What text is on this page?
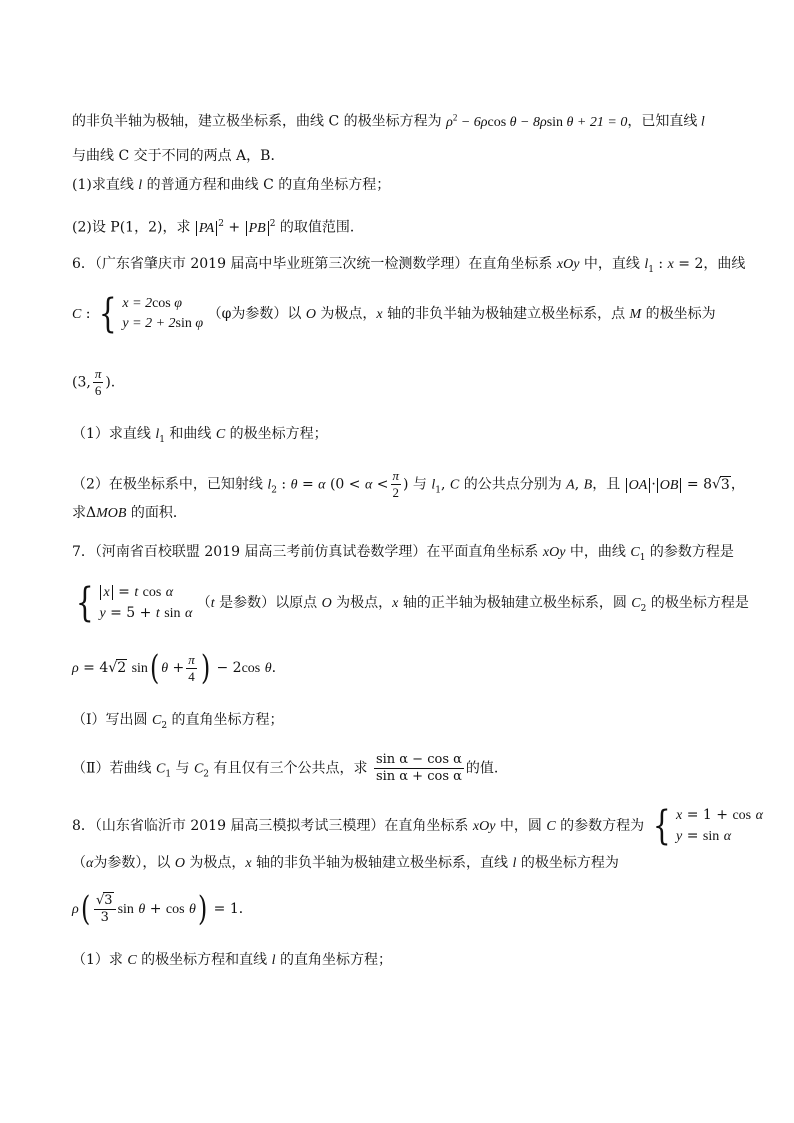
的非负半轴为极轴，建立极坐标系，曲线 C 的极坐标方程为 $\rho^2 - 6\rho\cos$ θ − 8ρsin θ + 21 = 0，已知直线 l
与曲线 C 交于不同的两点 A，B．
(1)求直线 l 的普通方程和曲线 C 的直角坐标方程；
(2)设 P(1，2)，求 PA $^2$ + PB $^2$ 的取值范围．
6．（广东省肇庆市 2019 届高中毕业班第三次统一检测数学理）在直角坐标系 xOy 中，直线 $l_1$ : x = 2，曲线
C : { x = 2cos φ
y = 2 + 2sin φ
（φ为参数）以 O 为极点，x 轴的非负半轴为极轴建立极坐标系，点 M 的极坐标为
(3, $\frac{\pi}{6}$ ).
（1）求直线 $l_1$ 和曲线 C 的极坐标方程；
（2）在极坐标系中，已知射线 $l_2$ : θ = α ($0 < \alpha < \frac{\pi}{2}$ ) 与 $l_1$, C 的公共点分别为 A, B，且 OA · OB = 8√3，
求ΔMOB 的面积．
7．（河南省百校联盟 2019 届高三考前仿真试卷数学理）在平面直角坐标系 xOy 中，曲线 $C_1$ 的参数方程是
{ x = t cos α
y = 5 + t sin α
（t 是参数）以原点 O 为极点，x 轴的正半轴为极轴建立极坐标系，圆 $C_2$ 的极坐标方程是
ρ = 4√2 sin( $\theta + \frac{\pi}{4}$ ) − 2cos θ.
（Ⅰ）写出圆 $C_2$ 的直角坐标方程；
（Ⅱ）若曲线 $C_1$ 与 $C_2$ 有且仅有三个公共点，求 $\frac{\text{sin α − cos α}}{\text{sin α + cos α}}$ 的值.
8．（山东省临沂市 2019 届高三模拟考试三模理）在直角坐标系 xOy 中，圆 C 的参数方程为 { x = 1 + cos α
y = sin α
（α为参数），以 O 为极点，x 轴的非负半轴为极轴建立极坐标系，直线 l 的极坐标方程为
$\rho( \frac{√3}{3}$ sin θ + cos θ) = 1．
（1）求 C 的极坐标方程和直线 l 的直角坐标方程；
